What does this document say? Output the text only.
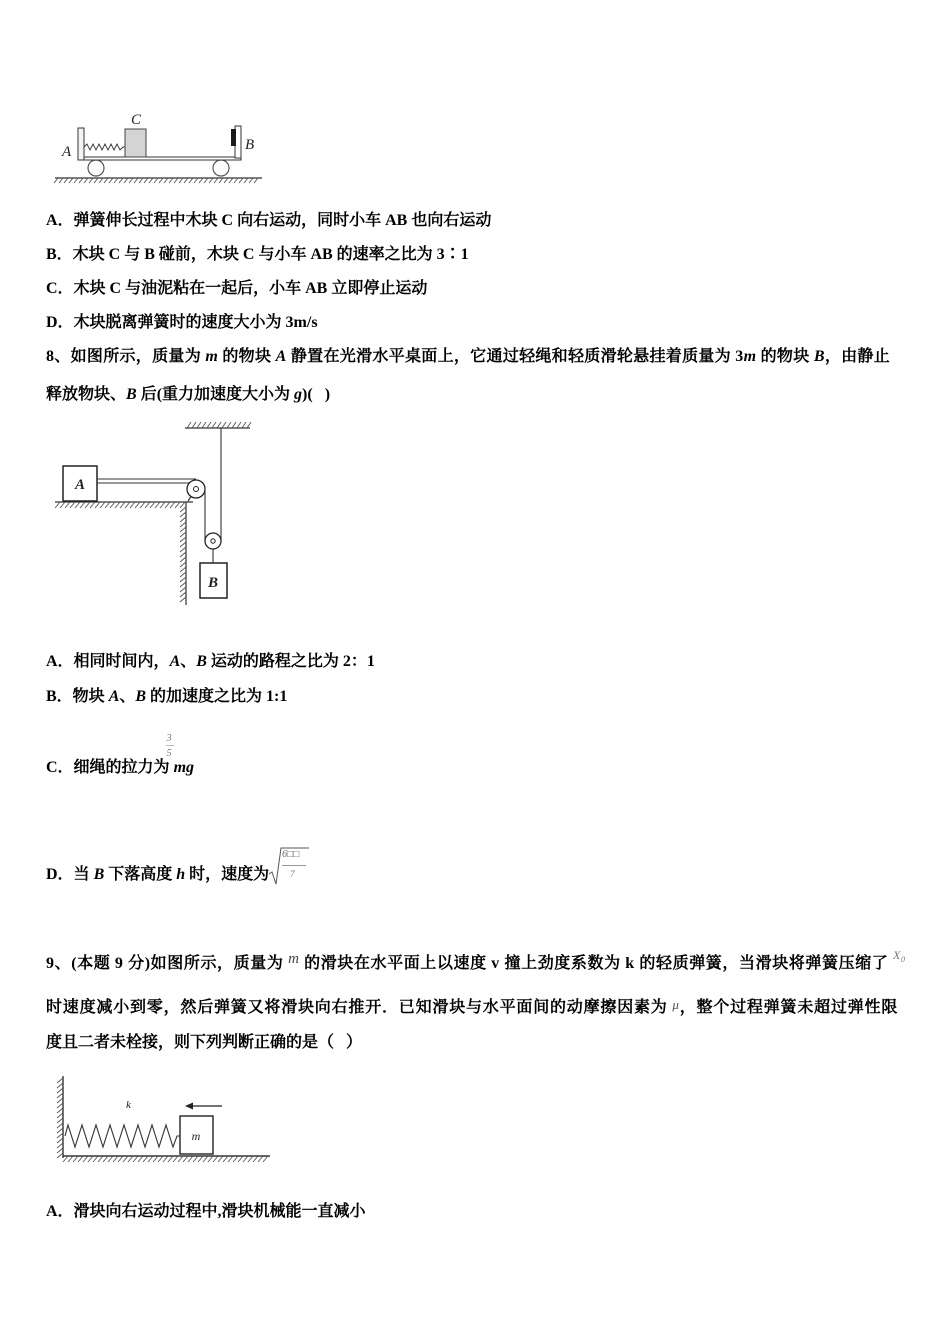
A
C
B
A．弹簧伸长过程中木块 C 向右运动，同时小车 AB 也向右运动
B．木块 C 与 B 碰前，木块 C 与小车 AB 的速率之比为 3∶1
C．木块 C 与油泥粘在一起后，小车 AB 立即停止运动
D．木块脱离弹簧时的速度大小为 3m/s
8、如图所示，质量为 m 的物块 A 静置在光滑水平桌面上，它通过轻绳和轻质滑轮悬挂着质量为 3m 的物块 B，由静止
释放物块、B 后(重力加速度大小为 g)(   )
A
B
A．相同时间内，A、B 运动的路程之比为 2：1
B．物块 A、B 的加速度之比为 1:1
C．细绳的拉力为 $\frac{3}{5}$ mg
D．当 B 下落高度 h 时，速度为
6□□
7
9、(本题 9 分)如图所示，质量为 m 的滑块在水平面上以速度 v 撞上劲度系数为 k 的轻质弹簧，当滑块将弹簧压缩了 $^{X_0}$
时速度减小到零，然后弹簧又将滑块向右推开．已知滑块与水平面间的动摩擦因素为 μ，整个过程弹簧未超过弹性限
度且二者未栓接，则下列判断正确的是（   ）
k
m
A．滑块向右运动过程中,滑块机械能一直减小
